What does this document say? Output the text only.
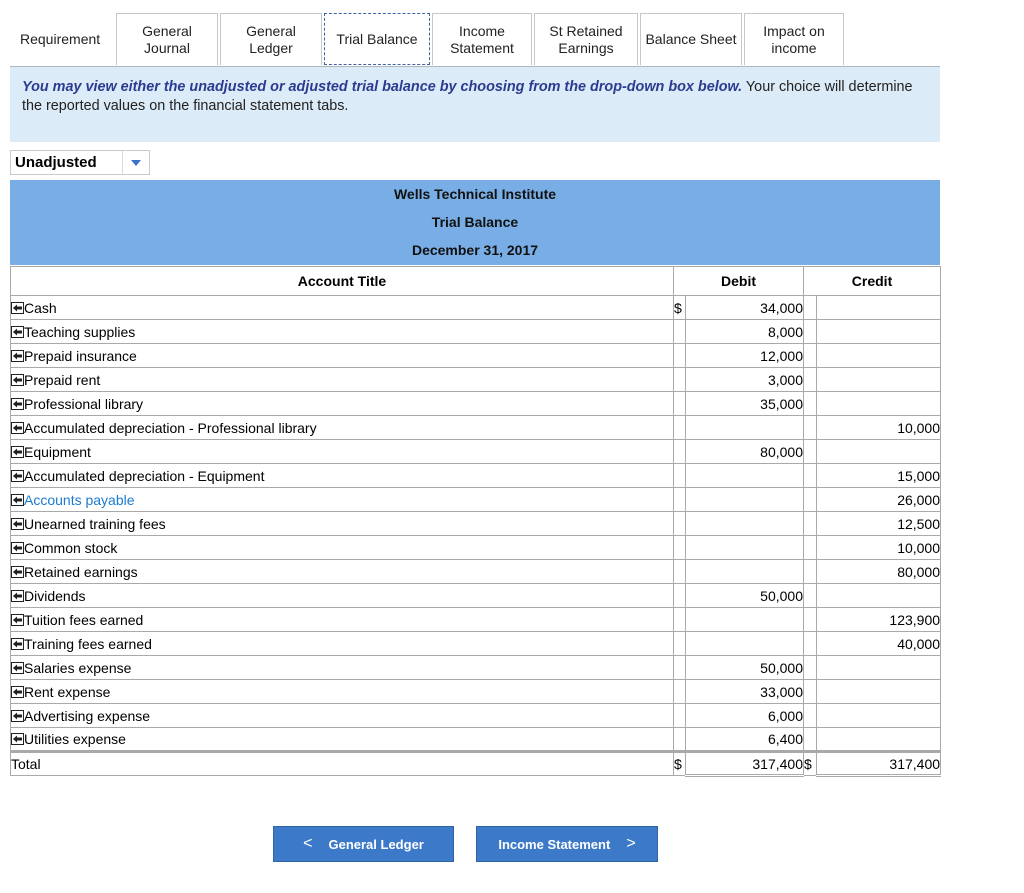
Requirement	General
Journal
General
Ledger
Trial Balance	Income
Statement
St Retained
Earnings
Balance Sheet
Impact on
income
You may view either the unadjusted or adjusted trial balance by choosing from the drop-down box below. Your choice will determine the reported values on the financial statement tabs.
Unadjusted
Wells Technical Institute
Trial Balance
December 31, 2017
Account Title	Debit		Credit	
Cash	$	34,000		
Teaching supplies		8,000		
Prepaid insurance		12,000		
Prepaid rent		3,000		
Professional library		35,000		
Accumulated depreciation - Professional library				10,000
Equipment		80,000		
Accumulated depreciation - Equipment				15,000
Accounts payable				26,000
Unearned training fees				12,500
Common stock				10,000
Retained earnings				80,000
Dividends		50,000		
Tuition fees earned				123,900
Training fees earned				40,000
Salaries expense		50,000		
Rent expense		33,000		
Advertising expense		6,000		
Utilities expense		6,400		
Total	$	317,400	$	317,400
< General Ledger	Income Statement >
